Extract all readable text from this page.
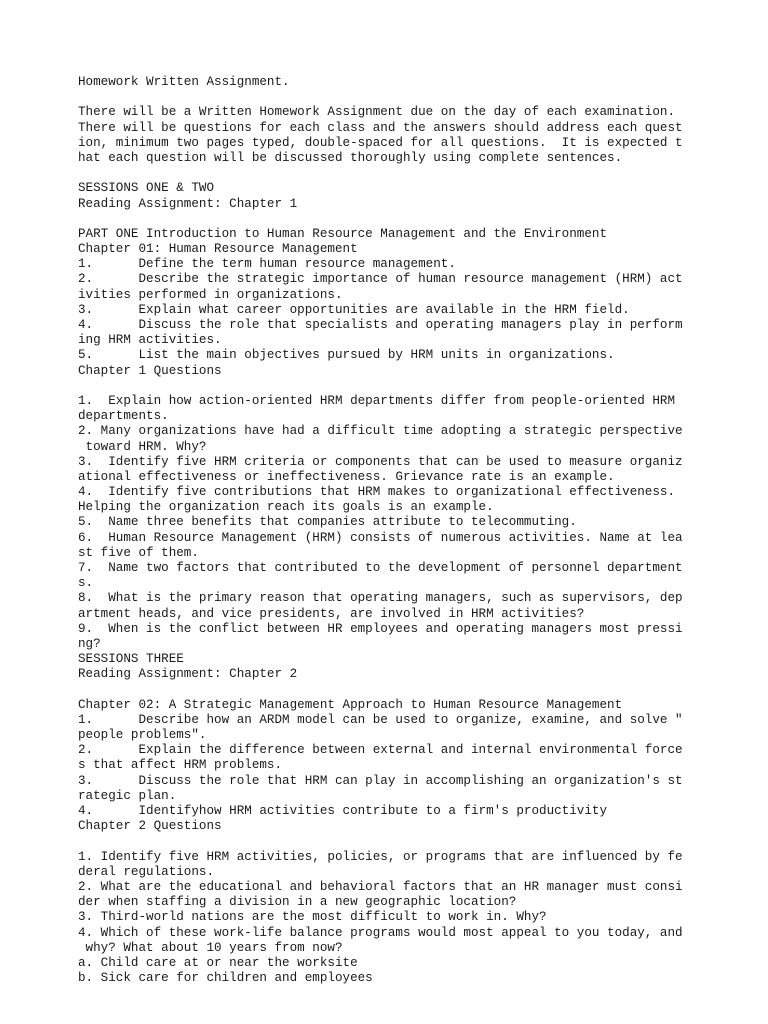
Homework Written Assignment.
There will be a Written Homework Assignment due on the day of each examination.
There will be questions for each class and the answers should address each quest
ion, minimum two pages typed, double-spaced for all questions.  It is expected t
hat each question will be discussed thoroughly using complete sentences.
SESSIONS ONE & TWO
Reading Assignment: Chapter 1
PART ONE Introduction to Human Resource Management and the Environment
Chapter 01: Human Resource Management
1.      Define the term human resource management.
2.      Describe the strategic importance of human resource management (HRM) act
ivities performed in organizations.
3.      Explain what career opportunities are available in the HRM field.
4.      Discuss the role that specialists and operating managers play in perform
ing HRM activities.
5.      List the main objectives pursued by HRM units in organizations.
Chapter 1 Questions
1.  Explain how action-oriented HRM departments differ from people-oriented HRM
departments.
2. Many organizations have had a difficult time adopting a strategic perspective
toward HRM. Why?
3.  Identify five HRM criteria or components that can be used to measure organiz
ational effectiveness or ineffectiveness. Grievance rate is an example.
4.  Identify five contributions that HRM makes to organizational effectiveness.
Helping the organization reach its goals is an example.
5.  Name three benefits that companies attribute to telecommuting.
6.  Human Resource Management (HRM) consists of numerous activities. Name at lea
st five of them.
7.  Name two factors that contributed to the development of personnel department
s.
8.  What is the primary reason that operating managers, such as supervisors, dep
artment heads, and vice presidents, are involved in HRM activities?
9.  When is the conflict between HR employees and operating managers most pressi
ng?
SESSIONS THREE
Reading Assignment: Chapter 2
Chapter 02: A Strategic Management Approach to Human Resource Management
1.      Describe how an ARDM model can be used to organize, examine, and solve "
people problems".
2.      Explain the difference between external and internal environmental force
s that affect HRM problems.
3.      Discuss the role that HRM can play in accomplishing an organization's st
rategic plan.
4.      Identifyhow HRM activities contribute to a firm's productivity
Chapter 2 Questions
1. Identify five HRM activities, policies, or programs that are influenced by fe
deral regulations.
2. What are the educational and behavioral factors that an HR manager must consi
der when staffing a division in a new geographic location?
3. Third-world nations are the most difficult to work in. Why?
4. Which of these work-life balance programs would most appeal to you today, and
why? What about 10 years from now?
a. Child care at or near the worksite
b. Sick care for children and employees
